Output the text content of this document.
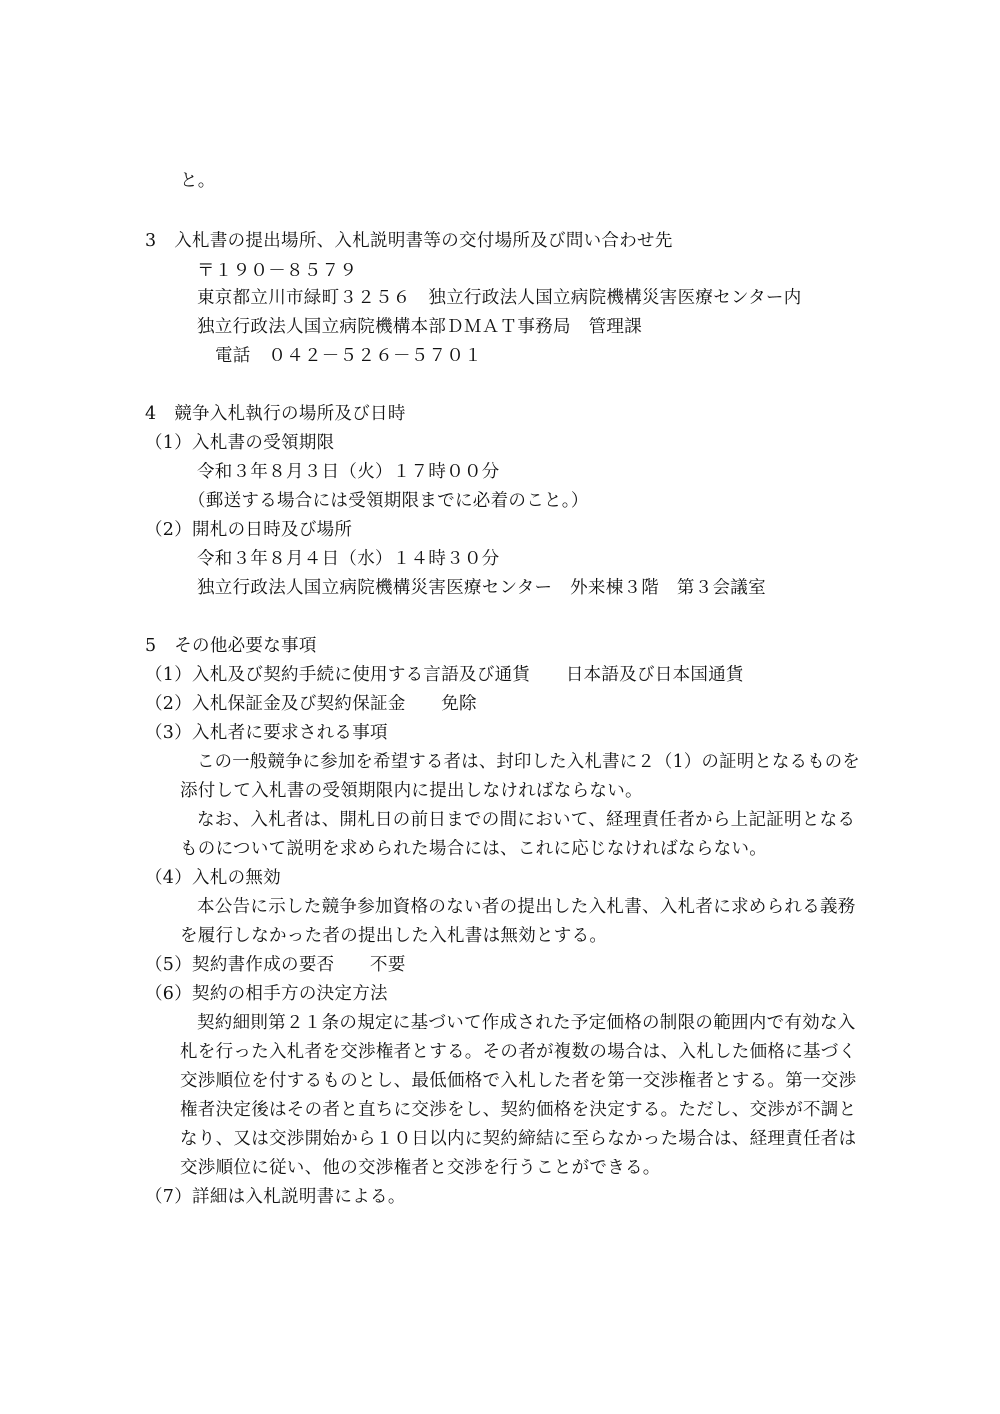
と。
3　入札書の提出場所、入札説明書等の交付場所及び問い合わせ先
〒１９０－８５７９
東京都立川市緑町３２５６　独立行政法人国立病院機構災害医療センター内
独立行政法人国立病院機構本部ＤＭＡＴ事務局　管理課
電話　０４２－５２６－５７０１
4　競争入札執行の場所及び日時
（1）入札書の受領期限
令和３年８月３日（火）１７時００分
（郵送する場合には受領期限までに必着のこと。）
（2）開札の日時及び場所
令和３年８月４日（水）１４時３０分
独立行政法人国立病院機構災害医療センター　外来棟３階　第３会議室
5　その他必要な事項
（1）入札及び契約手続に使用する言語及び通貨　　日本語及び日本国通貨
（2）入札保証金及び契約保証金　　免除
（3）入札者に要求される事項
この一般競争に参加を希望する者は、封印した入札書に２（1）の証明となるものを
添付して入札書の受領期限内に提出しなければならない。
なお、入札者は、開札日の前日までの間において、経理責任者から上記証明となる
ものについて説明を求められた場合には、これに応じなければならない。
（4）入札の無効
本公告に示した競争参加資格のない者の提出した入札書、入札者に求められる義務
を履行しなかった者の提出した入札書は無効とする。
（5）契約書作成の要否　　不要
（6）契約の相手方の決定方法
契約細則第２１条の規定に基づいて作成された予定価格の制限の範囲内で有効な入
札を行った入札者を交渉権者とする。その者が複数の場合は、入札した価格に基づく
交渉順位を付するものとし、最低価格で入札した者を第一交渉権者とする。第一交渉
権者決定後はその者と直ちに交渉をし、契約価格を決定する。ただし、交渉が不調と
なり、又は交渉開始から１０日以内に契約締結に至らなかった場合は、経理責任者は
交渉順位に従い、他の交渉権者と交渉を行うことができる。
（7）詳細は入札説明書による。
